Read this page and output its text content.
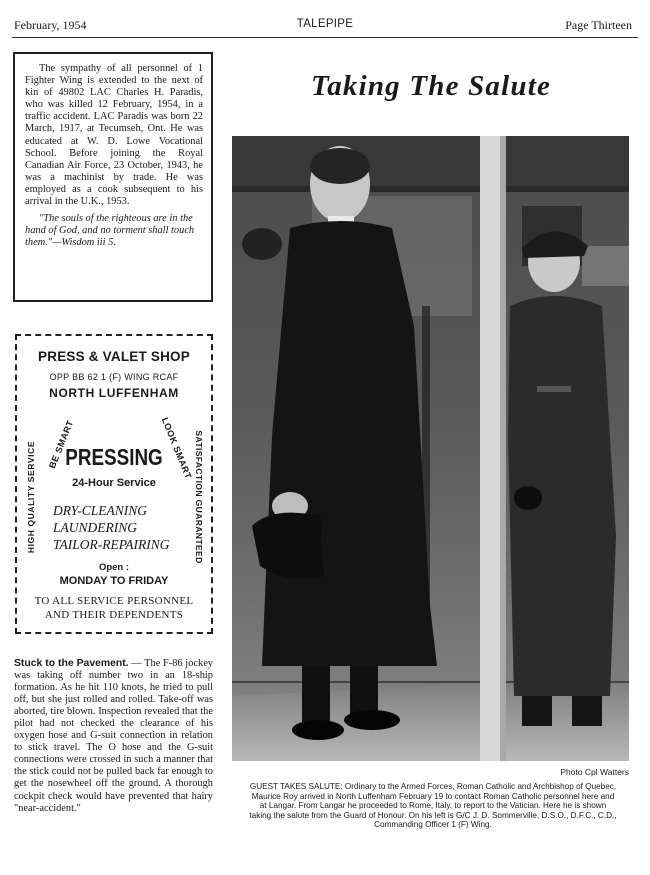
February, 1954	TALEPIPE	Page Thirteen

The sympathy of all personnel of 1 Fighter Wing is extended to the next of kin of 49802 LAC Charles H. Paradis, who was killed 12 February, 1954, in a traffic accident. LAC Paradis was born 22 March, 1917, at Tecumseh, Ont. He was educated at W. D. Lowe Vocational School. Before joining the Royal Canadian Air Force, 23 October, 1943, he was a machinist by trade. He was employed as a cook subsequent to his arrival in the U.K., 1953.

"The souls of the righteous are in the hand of God, and no torment shall touch them."—Wisdom iii 5.
PRESS & VALET SHOP
OPP BB 62 1 (F) WING RCAF
NORTH LUFFENHAM
HIGH QUALITY SERVICE	SATISFACTION GUARANTEED
BE SMART	LOOK SMART
PRESSING
24-Hour Service
DRY-CLEANING
LAUNDERING
TAILOR-REPAIRING
Open :
MONDAY TO FRIDAY
TO ALL SERVICE PERSONNEL
AND THEIR DEPENDENTS
Stuck to the Pavement. — The F-86 jockey was taking off number two in an 18-ship formation. As he hit 110 knots, he tried to pull off, but she just rolled and rolled. Take-off was aborted, tire blown. Inspection revealed that the pilot had not checked the clearance of his oxygen hose and G-suit connection in relation to stick travel. The O hose and the G-suit connections were crossed in such a manner that the stick could not be pulled back far enough to get the nosewheel off the ground. A thorough cockpit check would have prevented that hairy "near-accident."
Taking The Salute
Photo Cpl Watters
GUEST TAKES SALUTE: Ordinary to the Armed Forces, Roman Catholic and Archbishop of Quebec, Maurice Roy arrived in North Luffenham February 19 to contact Roman Catholic personnel here and at Langar. From Langar he proceeded to Rome, Italy, to report to the Vatician. Here he is shown taking the salute from the Guard of Honour. On his left is G/C J. D. Sommerville, D.S.O., D.F.C., C.D., Commanding Officer 1 (F) Wing.
